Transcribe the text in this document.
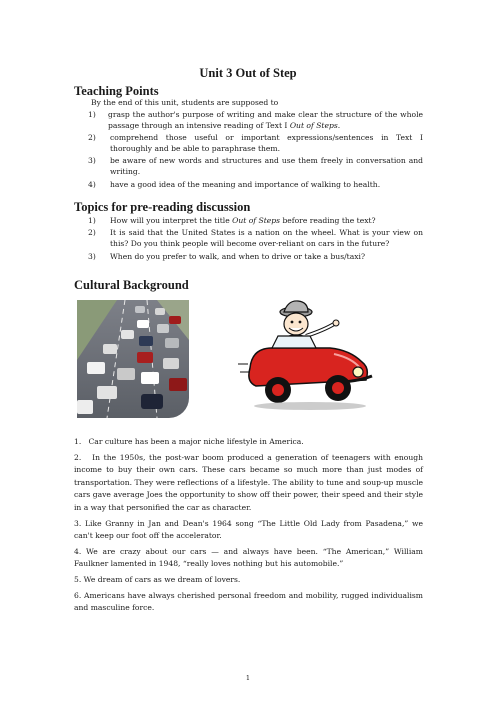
Unit 3 Out of Step
Teaching Points
By the end of this unit, students are supposed to
1)	grasp the author's purpose of writing and make clear the structure of the whole passage through an intensive reading of Text I Out of Steps.
2)	comprehend those useful or important expressions/sentences in Text I thoroughly and be able to paraphrase them.
3)	be aware of new words and structures and use them freely in conversation and writing.
4)	have a good idea of the meaning and importance of walking to health.
Topics for pre-reading discussion
1)	How will you interpret the title Out of Steps before reading the text?
2)	It is said that the United States is a nation on the wheel. What is your view on this? Do you think people will become over-reliant on cars in the future?
3)	When do you prefer to walk, and when to drive or take a bus/taxi?
Cultural Background
1.   Car culture has been a major niche lifestyle in America.
2.   In the 1950s, the post-war boom produced a generation of teenagers with enough income to buy their own cars. These cars became so much more than just modes of transportation. They were reflections of a lifestyle. The ability to tune and soup-up muscle cars gave average Joes the opportunity to show off their power, their speed and their style in a way that personified the car as character.
3. Like Granny in Jan and Dean's 1964 song “The Little Old Lady from Pasadena,” we can't keep our foot off the accelerator.
4. We are crazy about our cars — and always have been. “The American,” William Faulkner lamented in 1948, “really loves nothing but his automobile.”
5. We dream of cars as we dream of lovers.
6. Americans have always cherished personal freedom and mobility, rugged individualism and masculine force.
1
